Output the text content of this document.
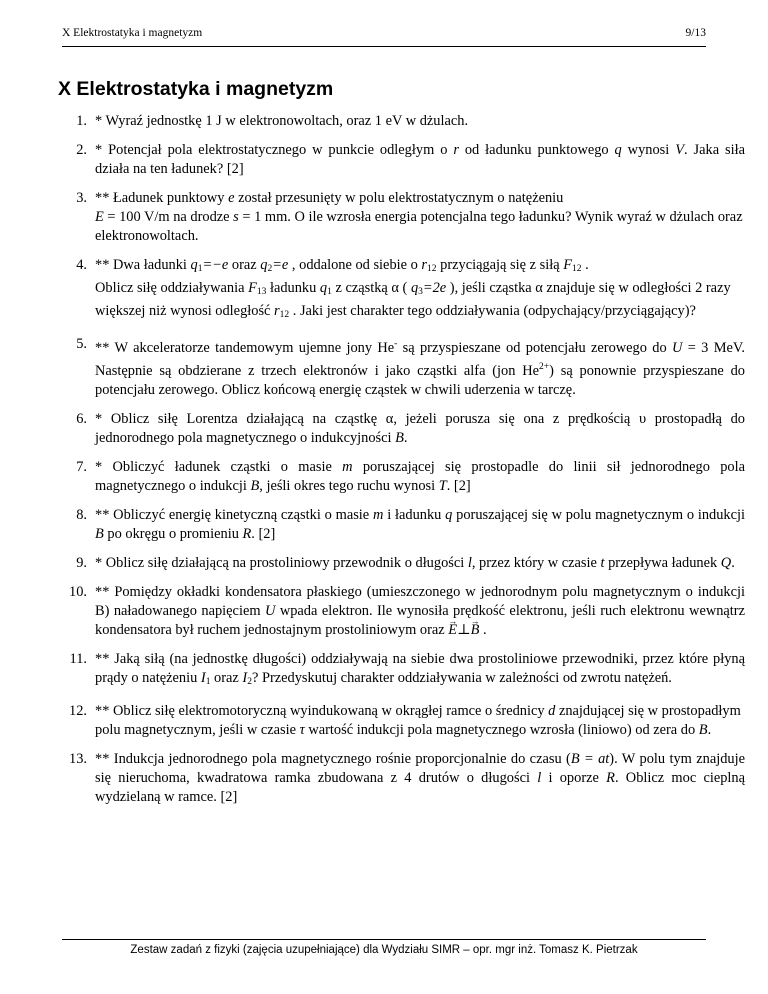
X Elektrostatyka i magnetyzm	9/13
X Elektrostatyka i magnetyzm
1. * Wyraź jednostkę 1 J w elektronowoltach, oraz 1 eV w dżulach.
2. * Potencjał pola elektrostatycznego w punkcie odległym o r od ładunku punktowego q wynosi V. Jaka siła działa na ten ładunek? [2]
3. ** Ładunek punktowy e został przesunięty w polu elektrostatycznym o natężeniu
E = 100 V/m na drodze s = 1 mm. O ile wzrosła energia potencjalna tego ładunku? Wynik wyraź w dżulach oraz elektronowoltach.
4. ** Dwa ładunki $q_1=-e$ oraz $q_2=e$ , oddalone od siebie o $r_{12}$ przyciągają się z siłą $F_{12}$ .
Oblicz siłę oddziaływania $F_{13}$ ładunku $q_1$ z cząstką α ( $q_3=2e$ ), jeśli cząstka α znajduje się w odległości 2 razy większej niż wynosi odległość $r_{12}$ . Jaki jest charakter tego oddziaływania (odpychający/przyciągający)?
5. ** W akceleratorze tandemowym ujemne jony He- są przyspieszane od potencjału zerowego do U = 3 MeV. Następnie są obdzierane z trzech elektronów i jako cząstki alfa (jon $He^{2+}$) są ponownie przyspieszane do potencjału zerowego. Oblicz końcową energię cząstek w chwili uderzenia w tarczę.
6. * Oblicz siłę Lorentza działającą na cząstkę α, jeżeli porusza się ona z prędkością υ prostopadłą do jednorodnego pola magnetycznego o indukcyjności B.
7. * Obliczyć ładunek cząstki o masie m poruszającej się prostopadle do linii sił jednorodnego pola magnetycznego o indukcji B, jeśli okres tego ruchu wynosi T. [2]
8. ** Obliczyć energię kinetyczną cząstki o masie m i ładunku q poruszającej się w polu magnetycznym o indukcji B po okręgu o promieniu R. [2]
9. * Oblicz siłę działającą na prostoliniowy przewodnik o długości l, przez który w czasie t przepływa ładunek Q.
10. ** Pomiędzy okładki kondensatora płaskiego (umieszczonego w jednorodnym polu magnetycznym o indukcji B) naładowanego napięciem U wpada elektron. Ile wynosiła prędkość elektronu, jeśli ruch elektronu wewnątrz kondensatora był ruchem jednostajnym prostoliniowym oraz → E⊥→ B .
11. ** Jaką siłą (na jednostkę długości) oddziaływają na siebie dwa prostoliniowe przewodniki, przez które płyną prądy o natężeniu $I_1$ oraz $I_2$? Przedyskutuj charakter oddziaływania w zależności od zwrotu natężeń.
12. ** Oblicz siłę elektromotoryczną wyindukowaną w okrągłej ramce o średnicy d znajdującej się w prostopadłym polu magnetycznym, jeśli w czasie τ wartość indukcji pola magnetycznego wzrosła (liniowo) od zera do B.
13. ** Indukcja jednorodnego pola magnetycznego rośnie proporcjonalnie do czasu (B = at). W polu tym znajduje się nieruchoma, kwadratowa ramka zbudowana z 4 drutów o długości l i oporze R. Oblicz moc cieplną wydzielaną w ramce. [2]
Zestaw zadań z fizyki (zajęcia uzupełniające) dla Wydziału SIMR – opr. mgr inż. Tomasz K. Pietrzak
